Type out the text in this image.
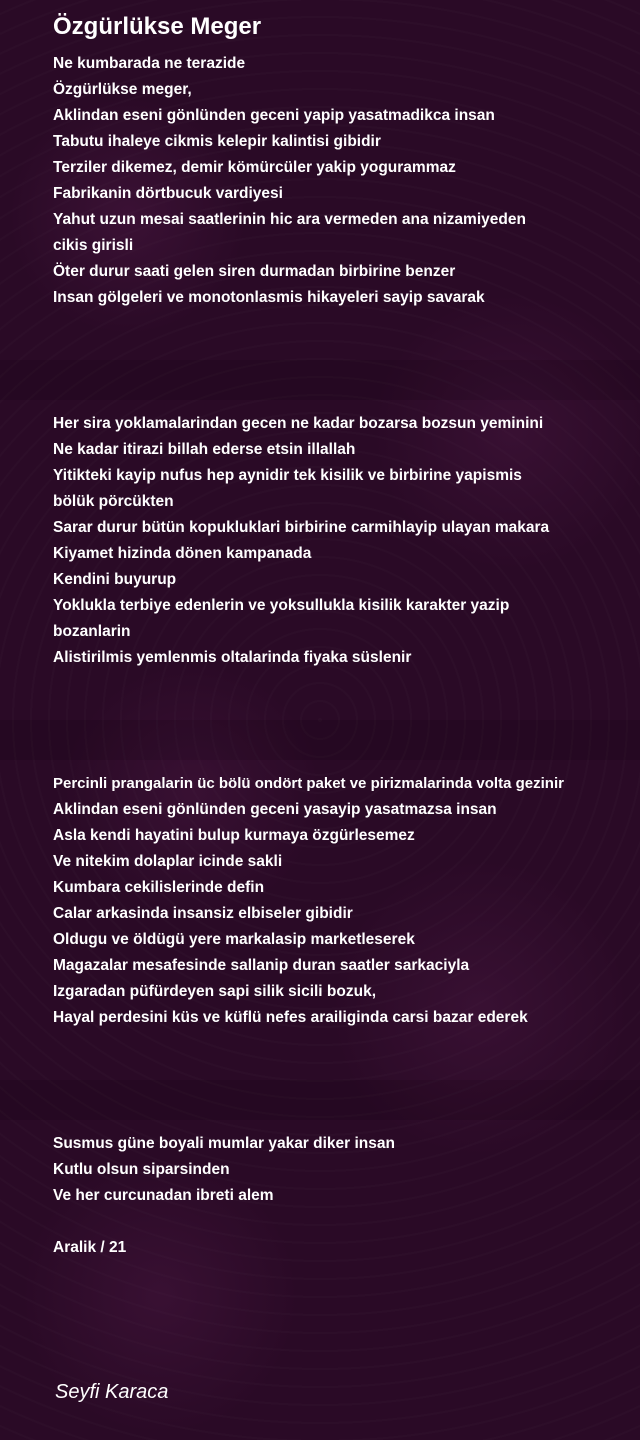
Özgürlükse Meger

Ne kumbarada ne terazide

Özgürlükse meger,

Aklindan eseni gönlünden geceni yapip yasatmadikca insan

Tabutu ihaleye cikmis kelepir kalintisi gibidir

Terziler dikemez, demir kömürcüler yakip yogurammaz

Fabrikanin dörtbucuk vardiyesi

Yahut uzun mesai saatlerinin hic ara vermeden ana nizamiyeden

cikis girisli

Öter durur saati gelen siren durmadan birbirine benzer

Insan gölgeleri ve monotonlasmis hikayeleri sayip savarak

Her sira yoklamalarindan gecen ne kadar bozarsa bozsun yeminini

Ne kadar itirazi billah ederse etsin illallah

Yitikteki kayip nufus hep aynidir tek kisilik ve birbirine yapismis

bölük pörcükten

Sarar durur bütün kopukluklari birbirine carmihlayip ulayan makara

Kiyamet hizinda dönen kampanada

Kendini buyurup

Yoklukla terbiye edenlerin ve yoksullukla kisilik karakter yazip

bozanlarin

Alistirilmis yemlenmis oltalarinda fiyaka süslenir

Percinli prangalarin üc bölü ondört paket ve pirizmalarinda volta gezinir

Aklindan eseni gönlünden geceni yasayip yasatmazsa insan

Asla kendi hayatini bulup kurmaya özgürlesemez

Ve nitekim dolaplar icinde sakli

Kumbara cekilislerinde defin

Calar arkasinda insansiz elbiseler gibidir

Oldugu ve öldügü yere markalasip marketleserek

Magazalar mesafesinde sallanip duran saatler sarkaciyla

Izgaradan püfürdeyen sapi silik sicili bozuk,

Hayal perdesini küs ve küflü nefes arailiginda carsi bazar ederek

Susmus güne boyali mumlar yakar diker insan

Kutlu olsun siparsinden

Ve her curcunadan ibreti alem

Aralik / 21

Seyfi Karaca
